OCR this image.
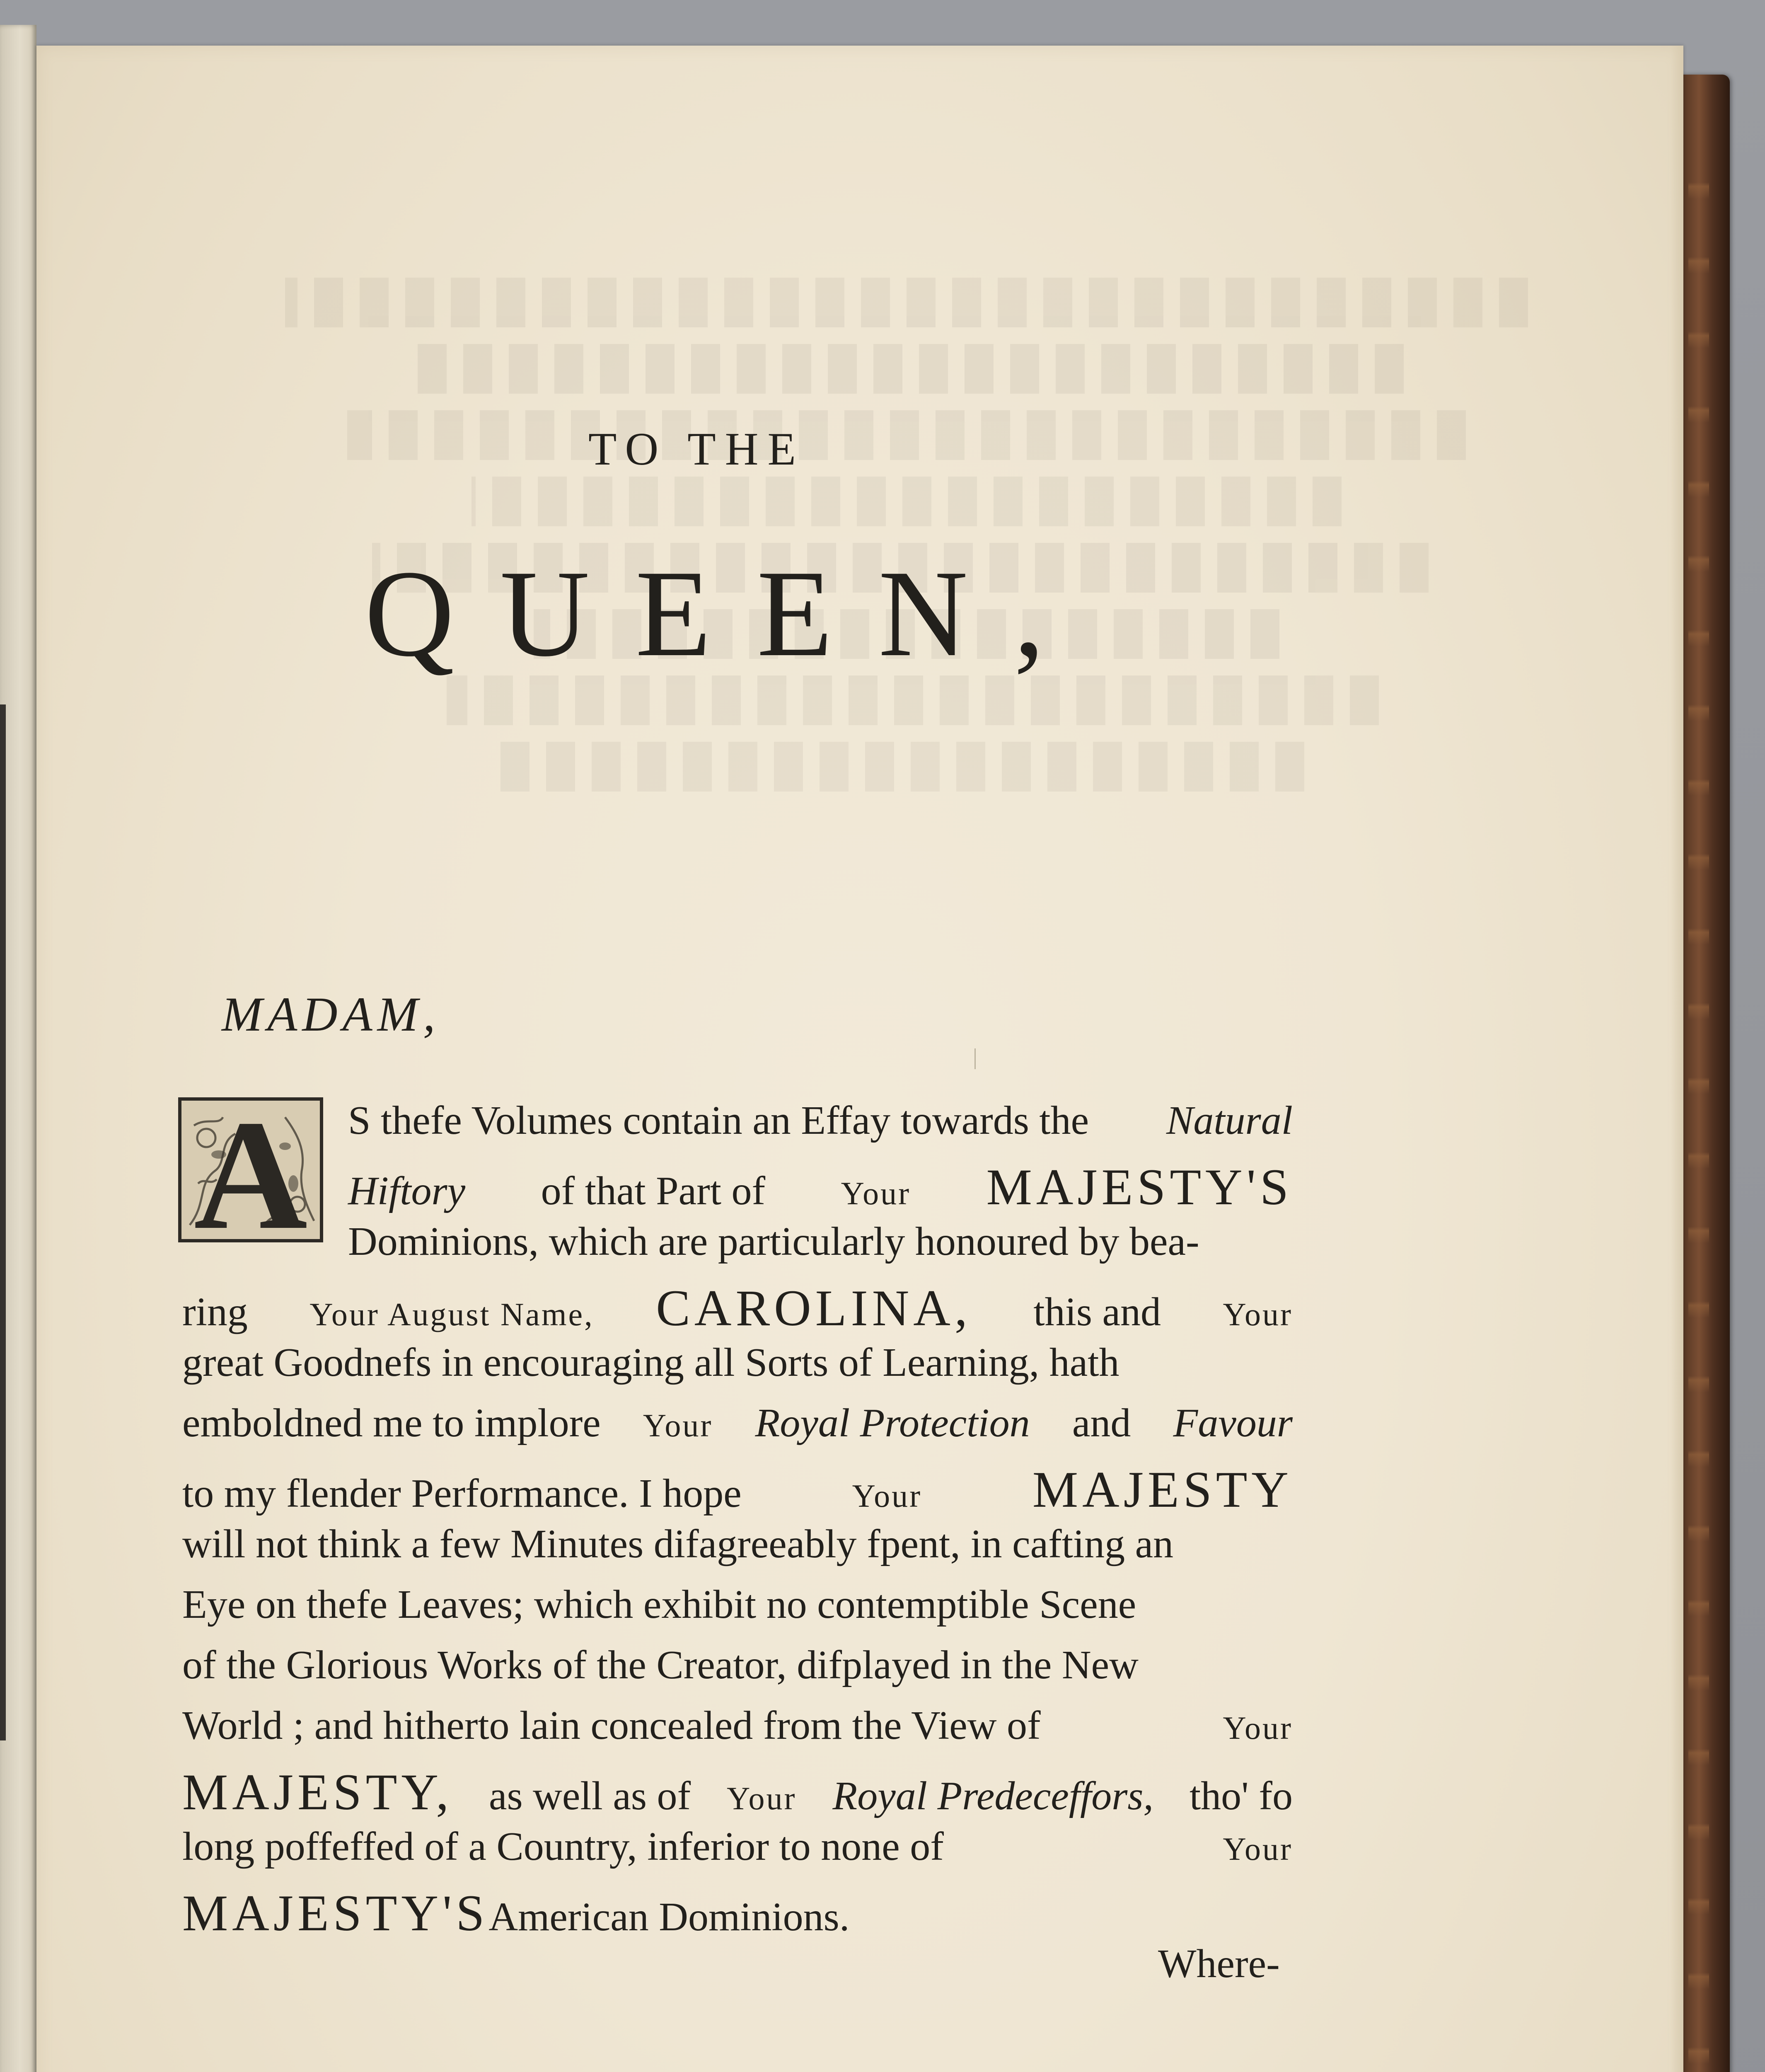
TO THE
QUEEN,
MADAM,
A S thefe Volumes contain an Effay towards the Natural
Hiftory of that Part of Your MAJESTY'S
Dominions, which are particularly honoured by bea-
ring Your August Name, CAROLINA, this and Your
great Goodnefs in encouraging all Sorts of Learning, hath
emboldned me to implore Your Royal Protection and Favour
to my flender Performance. I hope	Your MAJESTY
will not think a few Minutes difagreeably fpent, in cafting an
Eye on thefe Leaves; which exhibit no contemptible Scene
of the Glorious Works of the Creator, difplayed in the New
World ; and hitherto lain concealed from the View of	Your
MAJESTY, as well as of Your Royal Predeceffors, tho' fo
long poffeffed of a Country, inferior to none of	Your
MAJESTY'S American Dominions.
Where-
